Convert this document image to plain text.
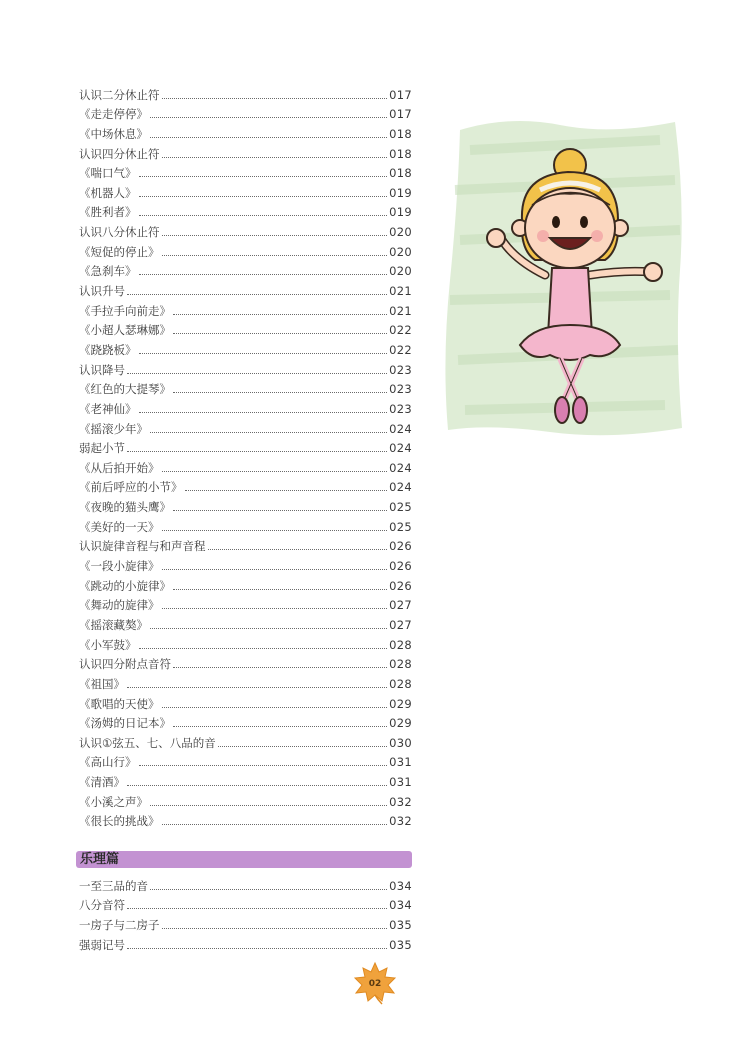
认识二分休止符	017
《走走停停》	017
《中场休息》	018
认识四分休止符	018
《喘口气》	018
《机器人》	019
《胜利者》	019
认识八分休止符	020
《短促的停止》	020
《急刹车》	020
认识升号	021
《手拉手向前走》	021
《小超人瑟琳娜》	022
《跷跷板》	022
认识降号	023
《红色的大提琴》	023
《老神仙》	023
《摇滚少年》	024
弱起小节	024
《从后拍开始》	024
《前后呼应的小节》	024
《夜晚的猫头鹰》	025
《美好的一天》	025
认识旋律音程与和声音程	026
《一段小旋律》	026
《跳动的小旋律》	026
《舞动的旋律》	027
《摇滚藏獒》	027
《小军鼓》	028
认识四分附点音符	028
《祖国》	028
《歌唱的天使》	029
《汤姆的日记本》	029
认识①弦五、七、八品的音	030
《高山行》	031
《清酒》	031
《小溪之声》	032
《很长的挑战》	032
乐理篇
一至三品的音	034
八分音符	034
一房子与二房子	035
强弱记号	035
02
